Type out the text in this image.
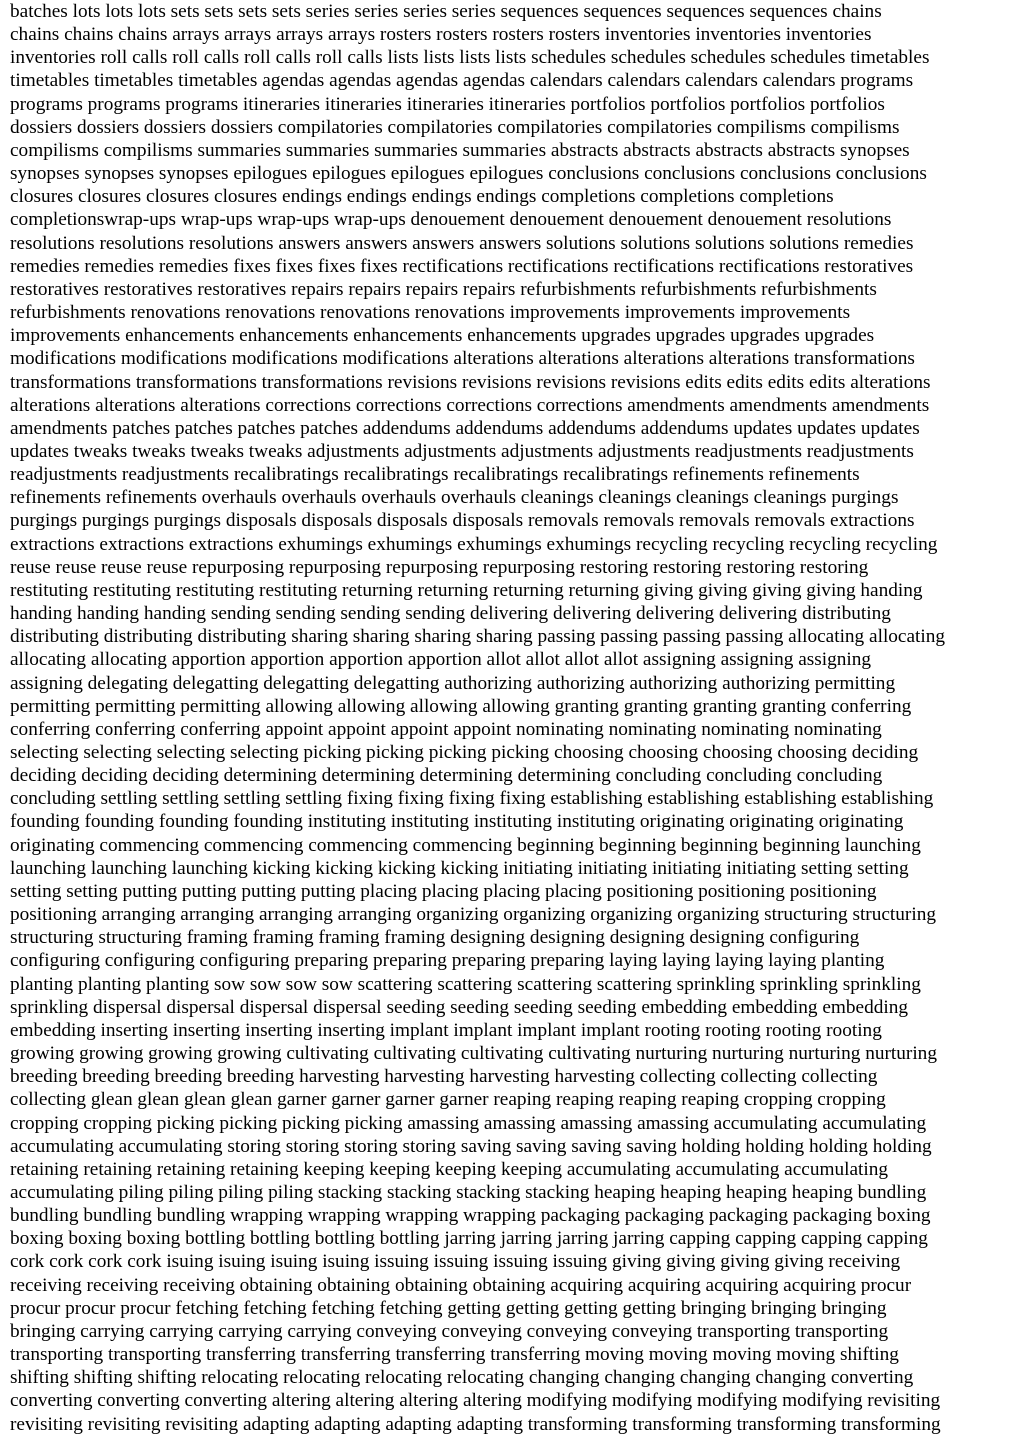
batches lots lots lots sets sets sets sets series series series series sequences sequences sequences sequences chains
chains chains chains arrays arrays arrays arrays rosters rosters rosters rosters inventories inventories inventories
inventories roll calls roll calls roll calls roll calls lists lists lists lists schedules schedules schedules schedules timetables
timetables timetables timetables agendas agendas agendas agendas calendars calendars calendars calendars programs
programs programs programs itineraries itineraries itineraries itineraries portfolios portfolios portfolios portfolios
dossiers dossiers dossiers dossiers compilatories compilatories compilatories compilatories compilisms compilisms
compilisms compilisms summaries summaries summaries summaries abstracts abstracts abstracts abstracts synopses
synopses synopses synopses epilogues epilogues epilogues epilogues conclusions conclusions conclusions conclusions
closures closures closures closures endings endings endings endings completions completions completions
completionswrap-ups wrap-ups wrap-ups wrap-ups denouement denouement denouement denouement resolutions
resolutions resolutions resolutions answers answers answers answers solutions solutions solutions solutions remedies
remedies remedies remedies fixes fixes fixes fixes rectifications rectifications rectifications rectifications restoratives
restoratives restoratives restoratives repairs repairs repairs repairs refurbishments refurbishments refurbishments
refurbishments renovations renovations renovations renovations improvements improvements improvements
improvements enhancements enhancements enhancements enhancements upgrades upgrades upgrades upgrades
modifications modifications modifications modifications alterations alterations alterations alterations transformations
transformations transformations transformations revisions revisions revisions revisions edits edits edits edits alterations
alterations alterations alterations corrections corrections corrections corrections amendments amendments amendments
amendments patches patches patches patches addendums addendums addendums addendums updates updates updates
updates tweaks tweaks tweaks tweaks adjustments adjustments adjustments adjustments readjustments readjustments
readjustments readjustments recalibratings recalibratings recalibratings recalibratings refinements refinements
refinements refinements overhauls overhauls overhauls overhauls cleanings cleanings cleanings cleanings purgings
purgings purgings purgings disposals disposals disposals disposals removals removals removals removals extractions
extractions extractions extractions exhumings exhumings exhumings exhumings recycling recycling recycling recycling
reuse reuse reuse reuse repurposing repurposing repurposing repurposing restoring restoring restoring restoring
restituting restituting restituting restituting returning returning returning returning giving giving giving giving handing
handing handing handing sending sending sending sending delivering delivering delivering delivering distributing
distributing distributing distributing sharing sharing sharing sharing passing passing passing passing allocating allocating
allocating allocating apportion apportion apportion apportion allot allot allot allot assigning assigning assigning
assigning delegating delegatting delegatting delegatting authorizing authorizing authorizing authorizing permitting
permitting permitting permitting allowing allowing allowing allowing granting granting granting granting conferring
conferring conferring conferring appoint appoint appoint appoint nominating nominating nominating nominating
selecting selecting selecting selecting picking picking picking picking choosing choosing choosing choosing deciding
deciding deciding deciding determining determining determining determining concluding concluding concluding
concluding settling settling settling settling fixing fixing fixing fixing establishing establishing establishing establishing
founding founding founding founding instituting instituting instituting instituting originating originating originating
originating commencing commencing commencing commencing beginning beginning beginning beginning launching
launching launching launching kicking kicking kicking kicking initiating initiating initiating initiating setting setting
setting setting putting putting putting putting placing placing placing placing positioning positioning positioning
positioning arranging arranging arranging arranging organizing organizing organizing organizing structuring structuring
structuring structuring framing framing framing framing designing designing designing designing configuring
configuring configuring configuring preparing preparing preparing preparing laying laying laying laying planting
planting planting planting sow sow sow sow scattering scattering scattering scattering sprinkling sprinkling sprinkling
sprinkling dispersal dispersal dispersal dispersal seeding seeding seeding seeding embedding embedding embedding
embedding inserting inserting inserting inserting implant implant implant implant rooting rooting rooting rooting
growing growing growing growing cultivating cultivating cultivating cultivating nurturing nurturing nurturing nurturing
breeding breeding breeding breeding harvesting harvesting harvesting harvesting collecting collecting collecting
collecting glean glean glean glean garner garner garner garner reaping reaping reaping reaping cropping cropping
cropping cropping picking picking picking picking amassing amassing amassing amassing accumulating accumulating
accumulating accumulating storing storing storing storing saving saving saving saving holding holding holding holding
retaining retaining retaining retaining keeping keeping keeping keeping accumulating accumulating accumulating
accumulating piling piling piling piling stacking stacking stacking stacking heaping heaping heaping heaping bundling
bundling bundling bundling wrapping wrapping wrapping wrapping packaging packaging packaging packaging boxing
boxing boxing boxing bottling bottling bottling bottling jarring jarring jarring jarring capping capping capping capping
cork cork cork cork isuing isuing isuing isuing issuing issuing issuing issuing giving giving giving giving receiving
receiving receiving receiving obtaining obtaining obtaining obtaining acquiring acquiring acquiring acquiring procur
procur procur procur fetching fetching fetching fetching getting getting getting getting bringing bringing bringing
bringing carrying carrying carrying carrying conveying conveying conveying conveying transporting transporting
transporting transporting transferring transferring transferring transferring moving moving moving moving shifting
shifting shifting shifting relocating relocating relocating relocating changing changing changing changing converting
converting converting converting altering altering altering altering modifying modifying modifying modifying revisiting
revisiting revisiting revisiting adapting adapting adapting adapting transforming transforming transforming transforming
